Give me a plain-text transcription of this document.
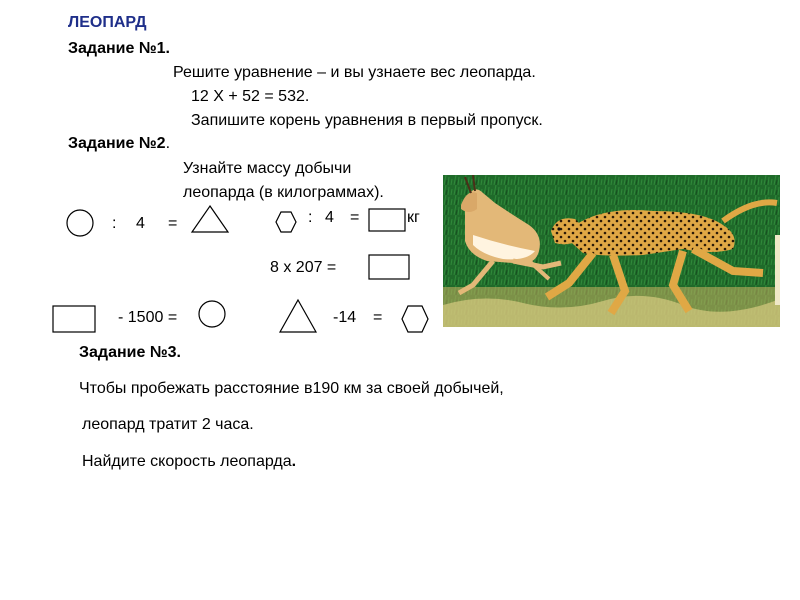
ЛЕОПАРД
Задание №1.
Решите уравнение – и вы узнаете вес леопарда.
12 Х + 52 = 532.
Запишите корень уравнения в первый пропуск.
Задание №2.
Узнайте массу добычи
леопарда (в килограммах).
: 4 =	: 4 =	кг
8 х 207 =
- 1500 =	-14 =
Задание №3.
Чтобы пробежать расстояние в190 км за своей добычей,
леопард тратит 2 часа.
Найдите скорость леопарда.
